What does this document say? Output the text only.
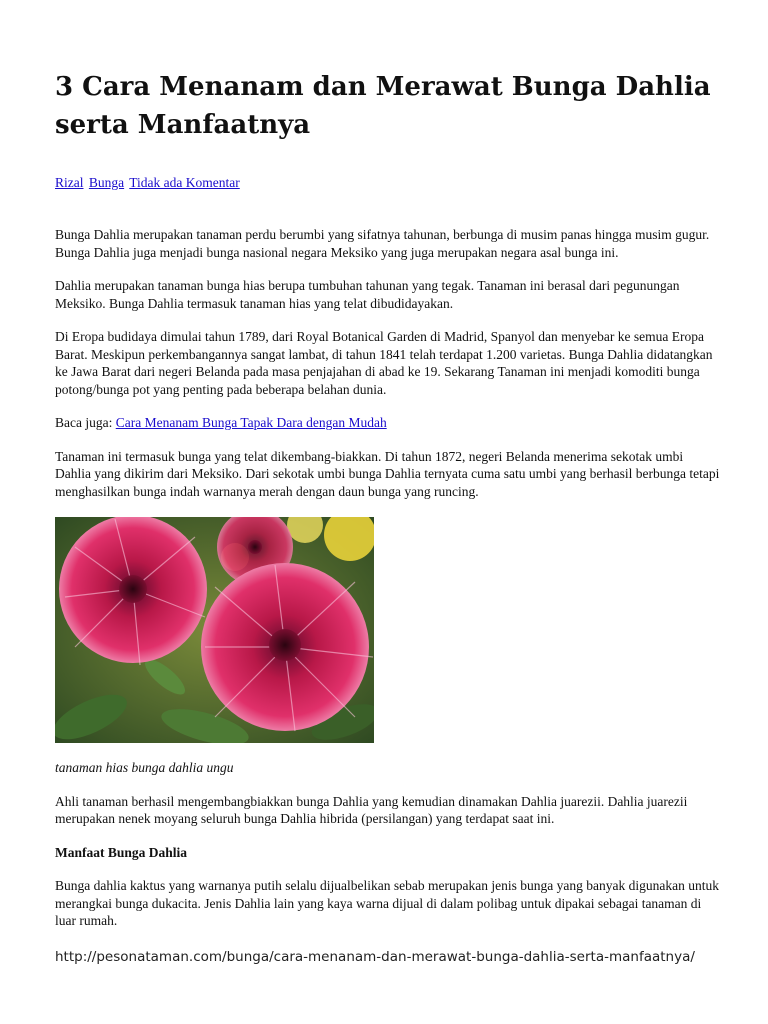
3 Cara Menanam dan Merawat Bunga Dahlia serta Manfaatnya
Rizal Bunga Tidak ada Komentar

Bunga Dahlia merupakan tanaman perdu berumbi yang sifatnya tahunan, berbunga di musim panas hingga musim gugur. Bunga Dahlia juga menjadi bunga nasional negara Meksiko yang juga merupakan negara asal bunga ini.

Dahlia merupakan tanaman bunga hias berupa tumbuhan tahunan yang tegak. Tanaman ini berasal dari pegunungan Meksiko. Bunga Dahlia termasuk tanaman hias yang telat dibudidayakan.

Di Eropa budidaya dimulai tahun 1789, dari Royal Botanical Garden di Madrid, Spanyol dan menyebar ke semua Eropa Barat. Meskipun perkembangannya sangat lambat, di tahun 1841 telah terdapat 1.200 varietas. Bunga Dahlia didatangkan ke Jawa Barat dari negeri Belanda pada masa penjajahan di abad ke 19. Sekarang Tanaman ini menjadi komoditi bunga potong/bunga pot yang penting pada beberapa belahan dunia.

Baca juga: Cara Menanam Bunga Tapak Dara dengan Mudah

Tanaman ini termasuk bunga yang telat dikembang-biakkan. Di tahun 1872, negeri Belanda menerima sekotak umbi Dahlia yang dikirim dari Meksiko. Dari sekotak umbi bunga Dahlia ternyata cuma satu umbi yang berhasil berbunga tetapi menghasilkan bunga indah warnanya merah dengan daun bunga yang runcing.

tanaman hias bunga dahlia ungu

Ahli tanaman berhasil mengembangbiakkan bunga Dahlia yang kemudian dinamakan Dahlia juarezii. Dahlia juarezii merupakan nenek moyang seluruh bunga Dahlia hibrida (persilangan) yang terdapat saat ini.

Manfaat Bunga Dahlia

Bunga dahlia kaktus yang warnanya putih selalu dijualbelikan sebab merupakan jenis bunga yang banyak digunakan untuk merangkai bunga dukacita. Jenis Dahlia lain yang kaya warna dijual di dalam polibag untuk dipakai sebagai tanaman di luar rumah.

http://pesonataman.com/bunga/cara-menanam-dan-merawat-bunga-dahlia-serta-manfaatnya/
